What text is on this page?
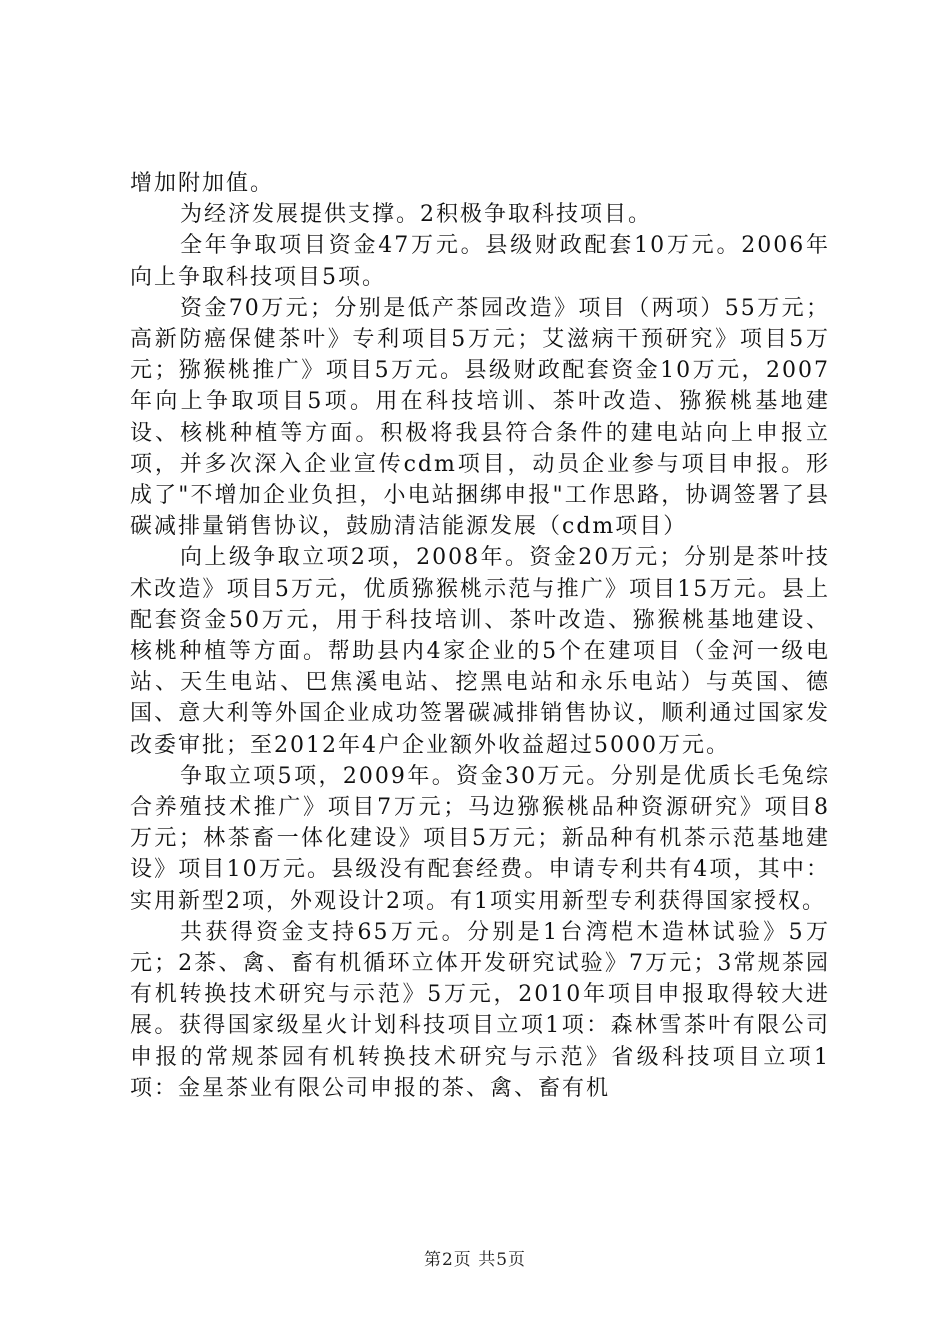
增加附加值。

为经济发展提供支撑。2积极争取科技项目。

全年争取项目资金47万元。县级财政配套10万元。2006年向上争取科技项目5项。

资金70万元；分别是低产茶园改造》项目（两项）55万元；高新防癌保健茶叶》专利项目5万元；艾滋病干预研究》项目5万元；猕猴桃推广》项目5万元。县级财政配套资金10万元，2007年向上争取项目5项。用在科技培训、茶叶改造、猕猴桃基地建设、核桃种植等方面。积极将我县符合条件的建电站向上申报立项，并多次深入企业宣传cdm项目，动员企业参与项目申报。形成了"不增加企业负担，小电站捆绑申报"工作思路，协调签署了县碳减排量销售协议，鼓励清洁能源发展（cdm项目）

向上级争取立项2项，2008年。资金20万元；分别是茶叶技术改造》项目5万元，优质猕猴桃示范与推广》项目15万元。县上配套资金50万元，用于科技培训、茶叶改造、猕猴桃基地建设、核桃种植等方面。帮助县内4家企业的5个在建项目（金河一级电站、天生电站、巴焦溪电站、挖黑电站和永乐电站）与英国、德国、意大利等外国企业成功签署碳减排销售协议，顺利通过国家发改委审批；至2012年4户企业额外收益超过5000万元。

争取立项5项，2009年。资金30万元。分别是优质长毛兔综合养殖技术推广》项目7万元；马边猕猴桃品种资源研究》项目8万元；林茶畜一体化建设》项目5万元；新品种有机茶示范基地建设》项目10万元。县级没有配套经费。申请专利共有4项，其中：实用新型2项，外观设计2项。有1项实用新型专利获得国家授权。

共获得资金支持65万元。分别是1台湾桤木造林试验》5万元；2茶、禽、畜有机循环立体开发研究试验》7万元；3常规茶园有机转换技术研究与示范》5万元，2010年项目申报取得较大进展。获得国家级星火计划科技项目立项1项：森林雪茶叶有限公司申报的常规茶园有机转换技术研究与示范》省级科技项目立项1项：金星茶业有限公司申报的茶、禽、畜有机

第2页 共5页
